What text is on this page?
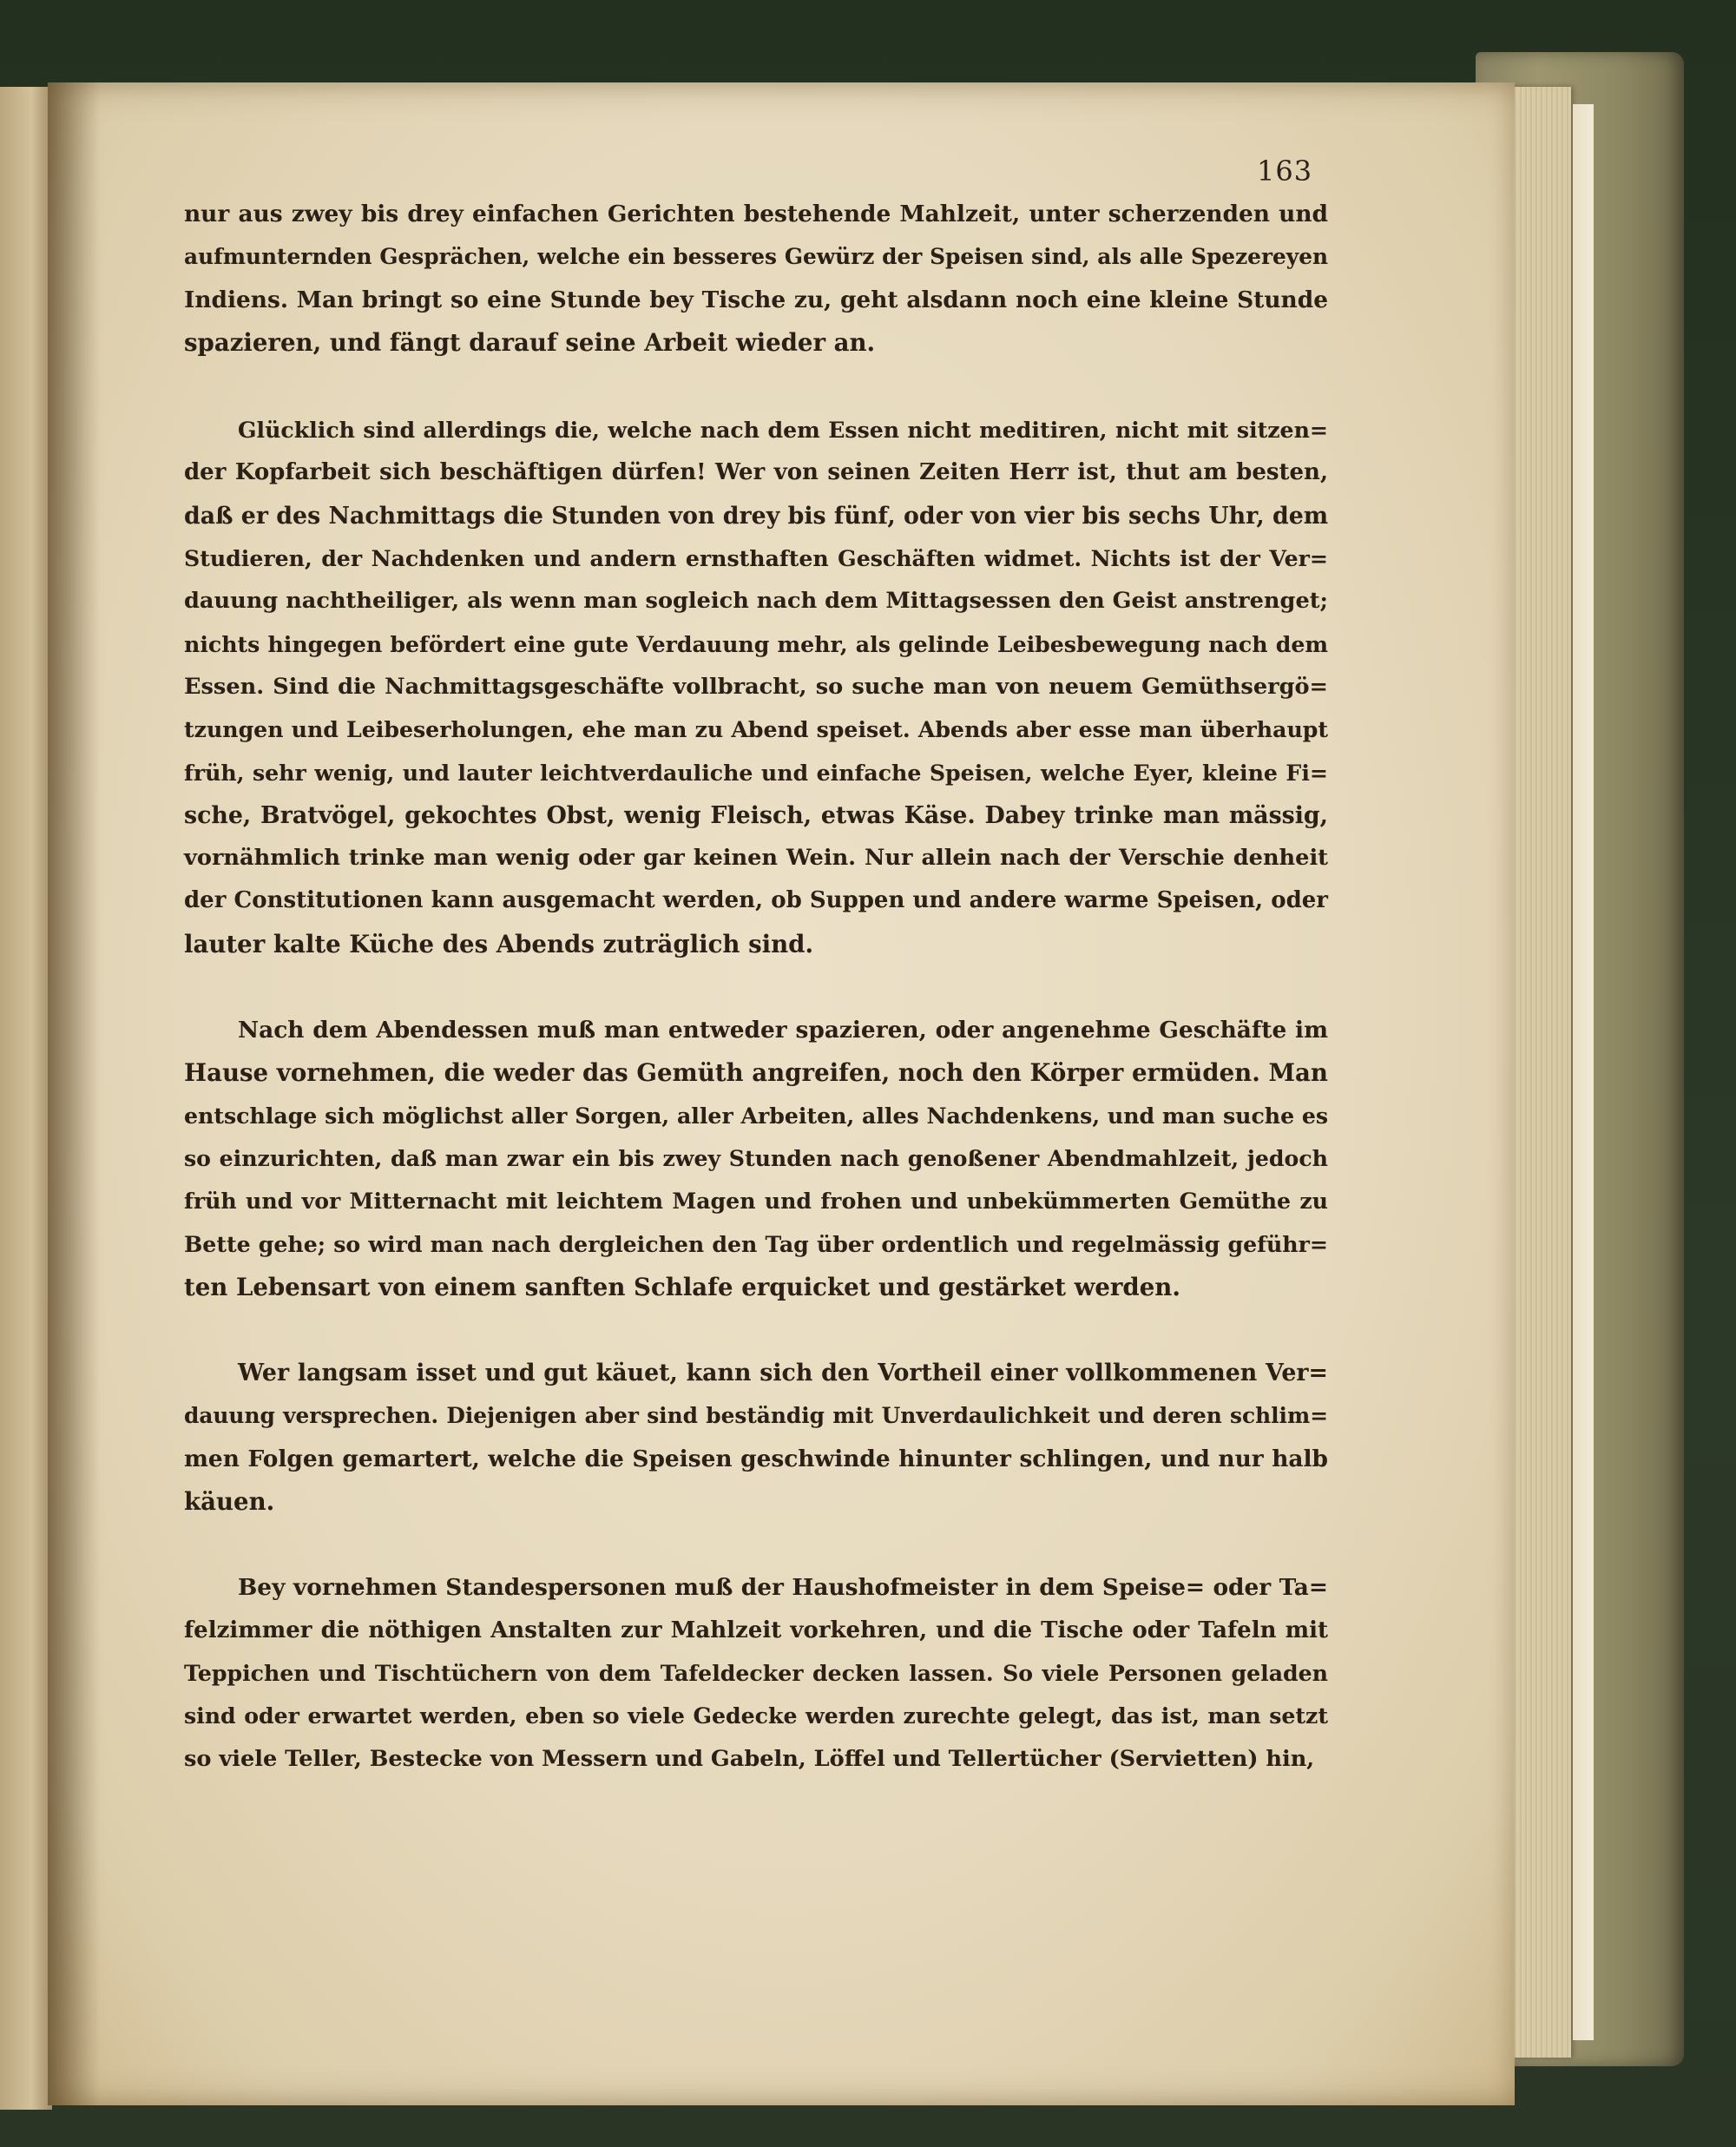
163
nur aus zwey bis drey einfachen Gerichten bestehende Mahlzeit, unter scherzenden und
aufmunternden Gesprächen, welche ein besseres Gewürz der Speisen sind, als alle Spezereyen
Indiens. Man bringt so eine Stunde bey Tische zu, geht alsdann noch eine kleine Stunde
spazieren, und fängt darauf seine Arbeit wieder an.
Glücklich sind allerdings die, welche nach dem Essen nicht meditiren, nicht mit sitzen=
der Kopfarbeit sich beschäftigen dürfen! Wer von seinen Zeiten Herr ist, thut am besten,
daß er des Nachmittags die Stunden von drey bis fünf, oder von vier bis sechs Uhr, dem
Studieren, der Nachdenken und andern ernsthaften Geschäften widmet. Nichts ist der Ver=
dauung nachtheiliger, als wenn man sogleich nach dem Mittagsessen den Geist anstrenget;
nichts hingegen befördert eine gute Verdauung mehr, als gelinde Leibesbewegung nach dem
Essen. Sind die Nachmittagsgeschäfte vollbracht, so suche man von neuem Gemüthsergö=
tzungen und Leibeserholungen, ehe man zu Abend speiset. Abends aber esse man überhaupt
früh, sehr wenig, und lauter leichtverdauliche und einfache Speisen, welche Eyer, kleine Fi=
sche, Bratvögel, gekochtes Obst, wenig Fleisch, etwas Käse. Dabey trinke man mässig,
vornähmlich trinke man wenig oder gar keinen Wein. Nur allein nach der Verschie denheit
der Constitutionen kann ausgemacht werden, ob Suppen und andere warme Speisen, oder
lauter kalte Küche des Abends zuträglich sind.
Nach dem Abendessen muß man entweder spazieren, oder angenehme Geschäfte im
Hause vornehmen, die weder das Gemüth angreifen, noch den Körper ermüden. Man
entschlage sich möglichst aller Sorgen, aller Arbeiten, alles Nachdenkens, und man suche es
so einzurichten, daß man zwar ein bis zwey Stunden nach genoßener Abendmahlzeit, jedoch
früh und vor Mitternacht mit leichtem Magen und frohen und unbekümmerten Gemüthe zu
Bette gehe; so wird man nach dergleichen den Tag über ordentlich und regelmässig geführ=
ten Lebensart von einem sanften Schlafe erquicket und gestärket werden.
Wer langsam isset und gut käuet, kann sich den Vortheil einer vollkommenen Ver=
dauung versprechen. Diejenigen aber sind beständig mit Unverdaulichkeit und deren schlim=
men Folgen gemartert, welche die Speisen geschwinde hinunter schlingen, und nur halb
käuen.
Bey vornehmen Standespersonen muß der Haushofmeister in dem Speise= oder Ta=
felzimmer die nöthigen Anstalten zur Mahlzeit vorkehren, und die Tische oder Tafeln mit
Teppichen und Tischtüchern von dem Tafeldecker decken lassen. So viele Personen geladen
sind oder erwartet werden, eben so viele Gedecke werden zurechte gelegt, das ist, man setzt
so viele Teller, Bestecke von Messern und Gabeln, Löffel und Tellertücher (Servietten) hin,
